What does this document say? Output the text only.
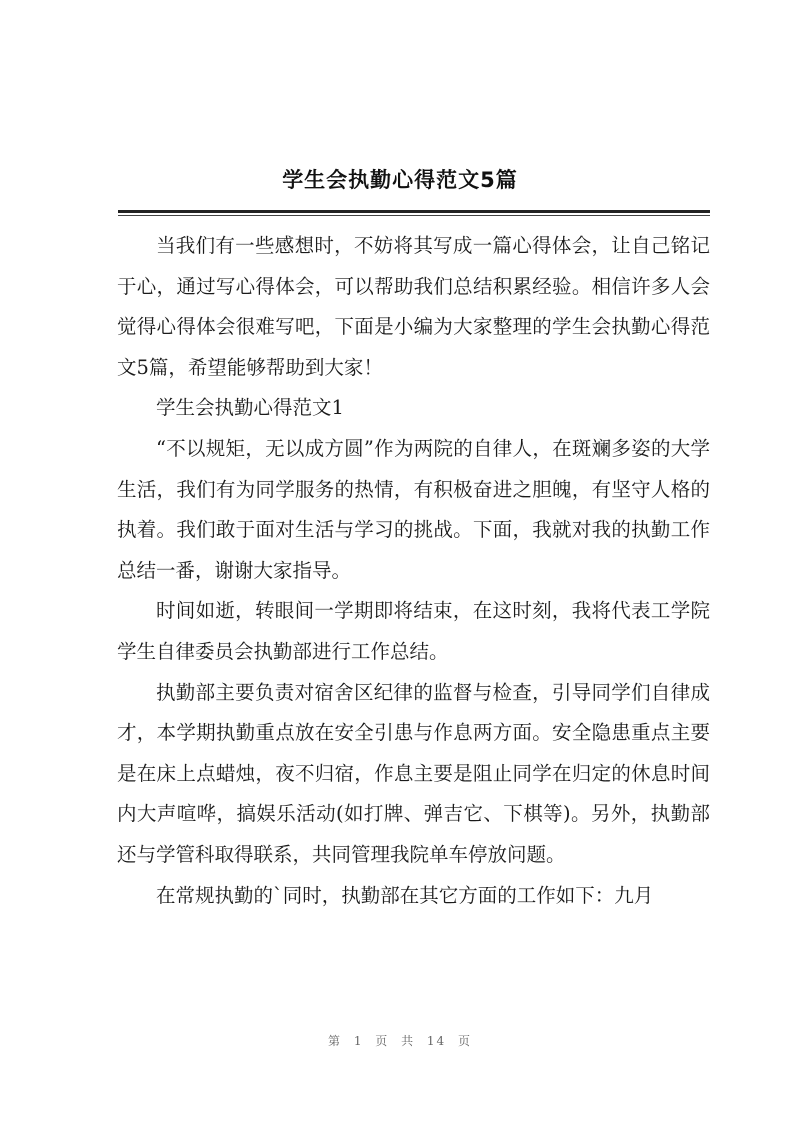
学生会执勤心得范文5篇

当我们有一些感想时，不妨将其写成一篇心得体会，让自己铭记于心，通过写心得体会，可以帮助我们总结积累经验。相信许多人会觉得心得体会很难写吧，下面是小编为大家整理的学生会执勤心得范文5篇，希望能够帮助到大家！

学生会执勤心得范文1

“不以规矩，无以成方圆”作为两院的自律人，在斑斓多姿的大学生活，我们有为同学服务的热情，有积极奋进之胆魄，有坚守人格的执着。我们敢于面对生活与学习的挑战。下面，我就对我的执勤工作总结一番，谢谢大家指导。

时间如逝，转眼间一学期即将结束，在这时刻，我将代表工学院学生自律委员会执勤部进行工作总结。

执勤部主要负责对宿舍区纪律的监督与检查，引导同学们自律成才，本学期执勤重点放在安全引患与作息两方面。安全隐患重点主要是在床上点蜡烛，夜不归宿，作息主要是阻止同学在归定的休息时间内大声喧哗，搞娱乐活动(如打牌、弹吉它、下棋等)。另外，执勤部还与学管科取得联系，共同管理我院单车停放问题。

在常规执勤的`同时，执勤部在其它方面的工作如下：九月

第 1 页 共 14 页
